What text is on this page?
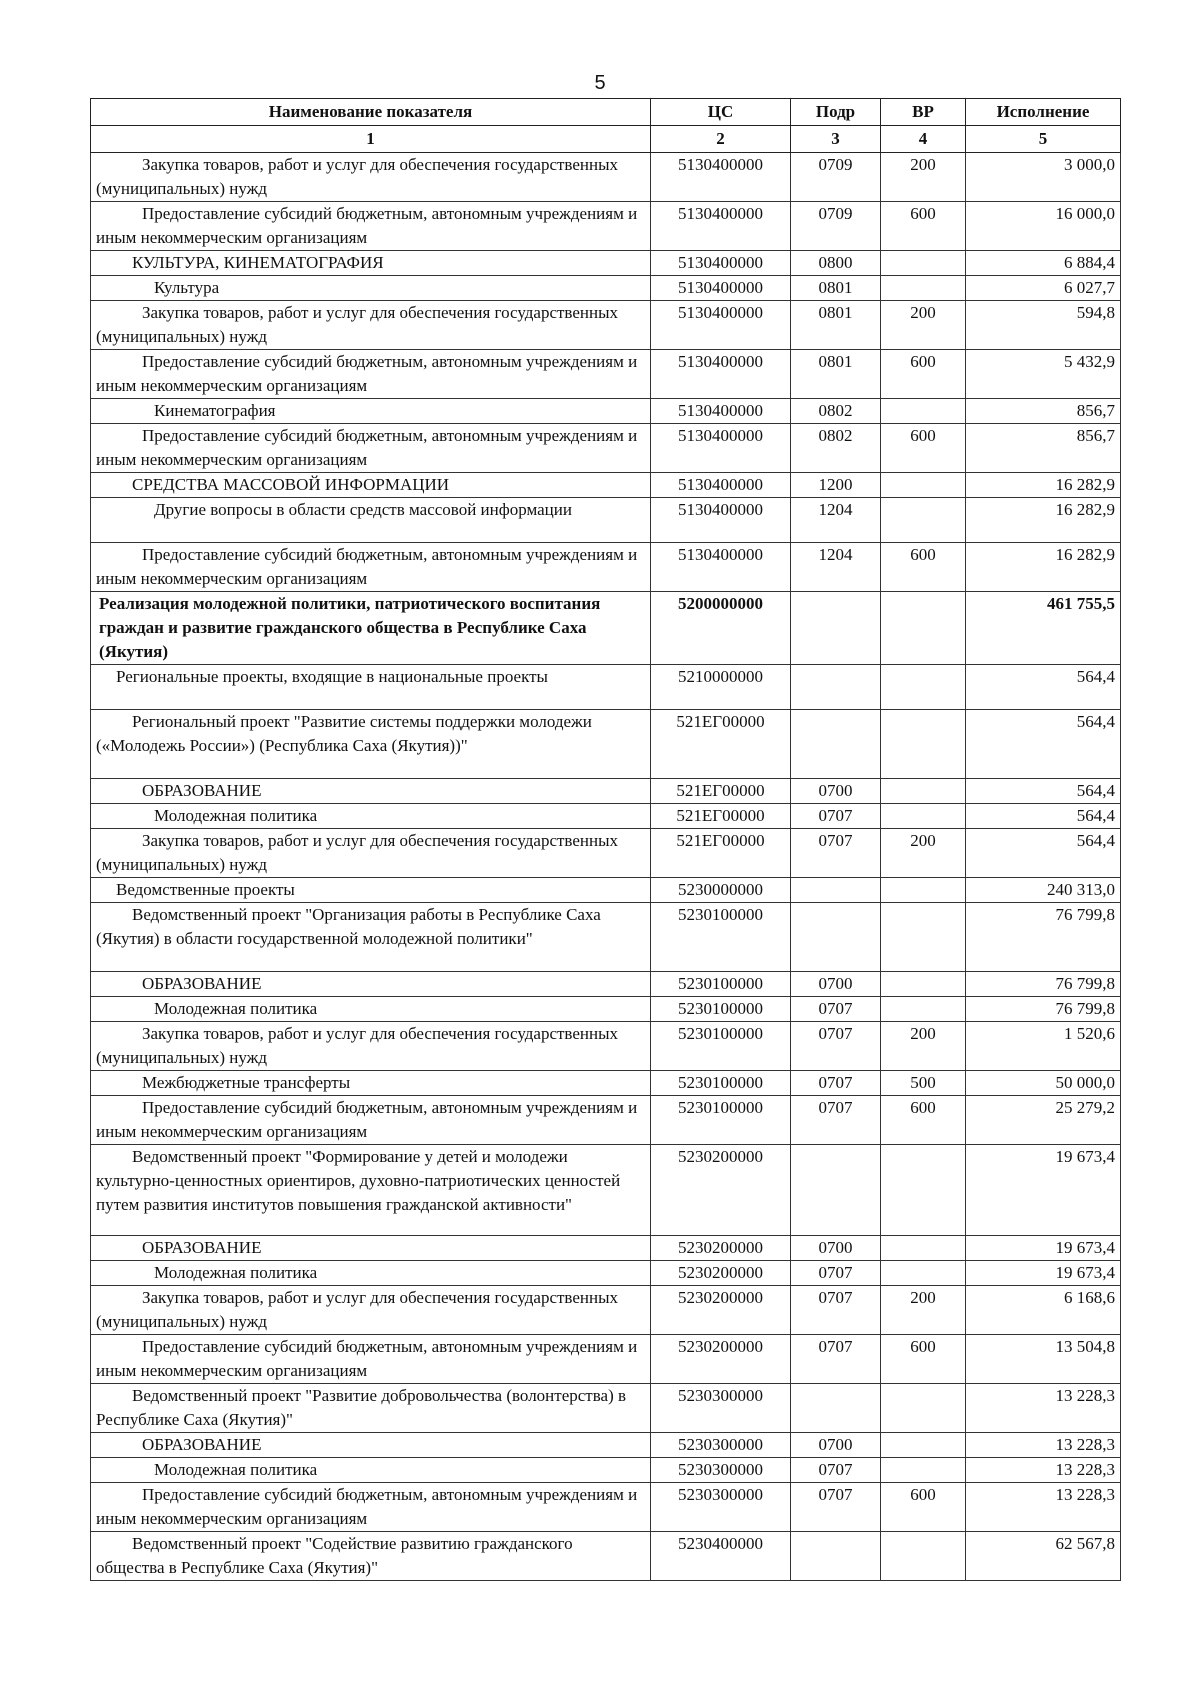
5
Наименование показателя	ЦС	Подр	ВР	Исполнение
1	2	3	4	5
Закупка товаров, работ и услуг для обеспечения государственных (муниципальных) нужд	5130400000	0709	200	3 000,0
Предоставление субсидий бюджетным, автономным учреждениям и иным некоммерческим организациям	5130400000	0709	600	16 000,0
КУЛЬТУРА, КИНЕМАТОГРАФИЯ	5130400000	0800		6 884,4
Культура	5130400000	0801		6 027,7
Закупка товаров, работ и услуг для обеспечения государственных (муниципальных) нужд	5130400000	0801	200	594,8
Предоставление субсидий бюджетным, автономным учреждениям и иным некоммерческим организациям	5130400000	0801	600	5 432,9
Кинематография	5130400000	0802		856,7
Предоставление субсидий бюджетным, автономным учреждениям и иным некоммерческим организациям	5130400000	0802	600	856,7
СРЕДСТВА МАССОВОЙ ИНФОРМАЦИИ	5130400000	1200		16 282,9
Другие вопросы в области средств массовой информации	5130400000	1204		16 282,9
Предоставление субсидий бюджетным, автономным учреждениям и иным некоммерческим организациям	5130400000	1204	600	16 282,9
Реализация молодежной политики, патриотического воспитания граждан и развитие гражданского общества в Республике Саха (Якутия)	5200000000			461 755,5
Региональные проекты, входящие в национальные проекты	5210000000			564,4
Региональный проект "Развитие системы поддержки молодежи («Молодежь России») (Республика Саха (Якутия))"	521ЕГ00000			564,4
ОБРАЗОВАНИЕ	521ЕГ00000	0700		564,4
Молодежная политика	521ЕГ00000	0707		564,4
Закупка товаров, работ и услуг для обеспечения государственных (муниципальных) нужд	521ЕГ00000	0707	200	564,4
Ведомственные проекты	5230000000			240 313,0
Ведомственный проект "Организация работы в Республике Саха (Якутия) в области государственной молодежной политики"	5230100000			76 799,8
ОБРАЗОВАНИЕ	5230100000	0700		76 799,8
Молодежная политика	5230100000	0707		76 799,8
Закупка товаров, работ и услуг для обеспечения государственных (муниципальных) нужд	5230100000	0707	200	1 520,6
Межбюджетные трансферты	5230100000	0707	500	50 000,0
Предоставление субсидий бюджетным, автономным учреждениям и иным некоммерческим организациям	5230100000	0707	600	25 279,2
Ведомственный проект "Формирование у детей и молодежи культурно-ценностных ориентиров, духовно-патриотических ценностей путем развития институтов повышения гражданской активности"	5230200000			19 673,4
ОБРАЗОВАНИЕ	5230200000	0700		19 673,4
Молодежная политика	5230200000	0707		19 673,4
Закупка товаров, работ и услуг для обеспечения государственных (муниципальных) нужд	5230200000	0707	200	6 168,6
Предоставление субсидий бюджетным, автономным учреждениям и иным некоммерческим организациям	5230200000	0707	600	13 504,8
Ведомственный проект "Развитие добровольчества (волонтерства) в Республике Саха (Якутия)"	5230300000			13 228,3
ОБРАЗОВАНИЕ	5230300000	0700		13 228,3
Молодежная политика	5230300000	0707		13 228,3
Предоставление субсидий бюджетным, автономным учреждениям и иным некоммерческим организациям	5230300000	0707	600	13 228,3
Ведомственный проект "Содействие развитию гражданского общества в Республике Саха (Якутия)"	5230400000			62 567,8
